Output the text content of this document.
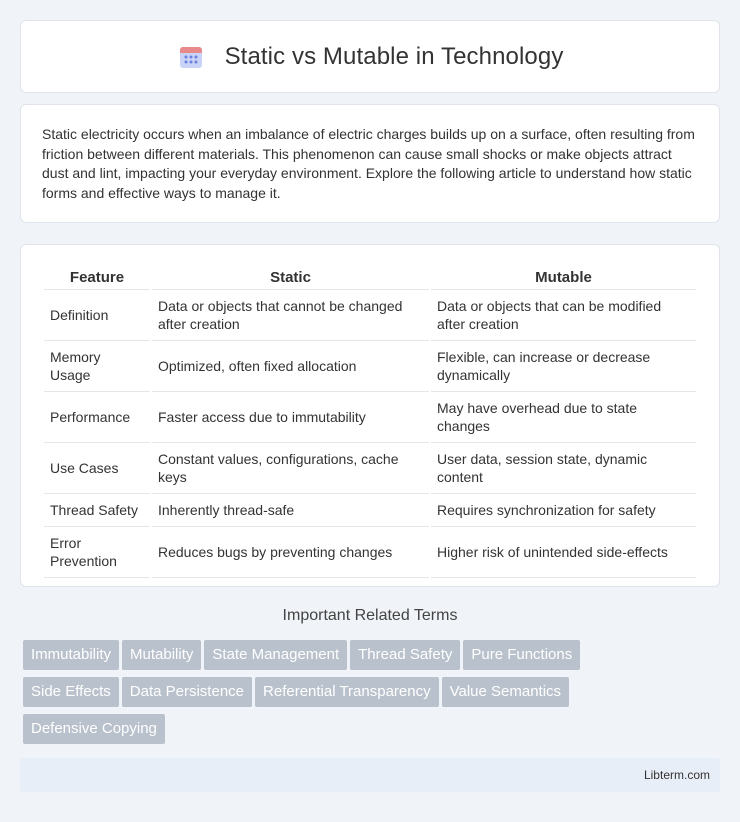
Static vs Mutable in Technology

Static electricity occurs when an imbalance of electric charges builds up on a surface, often resulting from friction between different materials. This phenomenon can cause small shocks or make objects attract dust and lint, impacting your everyday environment. Explore the following article to understand how static forms and effective ways to manage it.

Feature	Static	Mutable
Definition	Data or objects that cannot be changed after creation	Data or objects that can be modified after creation
Memory Usage	Optimized, often fixed allocation	Flexible, can increase or decrease dynamically
Performance	Faster access due to immutability	May have overhead due to state changes
Use Cases	Constant values, configurations, cache keys	User data, session state, dynamic content
Thread Safety	Inherently thread-safe	Requires synchronization for safety
Error Prevention	Reduces bugs by preventing changes	Higher risk of unintended side-effects
Important Related Terms
Immutability Mutability State Management Thread Safety Pure Functions
Side Effects Data Persistence Referential Transparency Value Semantics
Defensive Copying
Libterm.com
